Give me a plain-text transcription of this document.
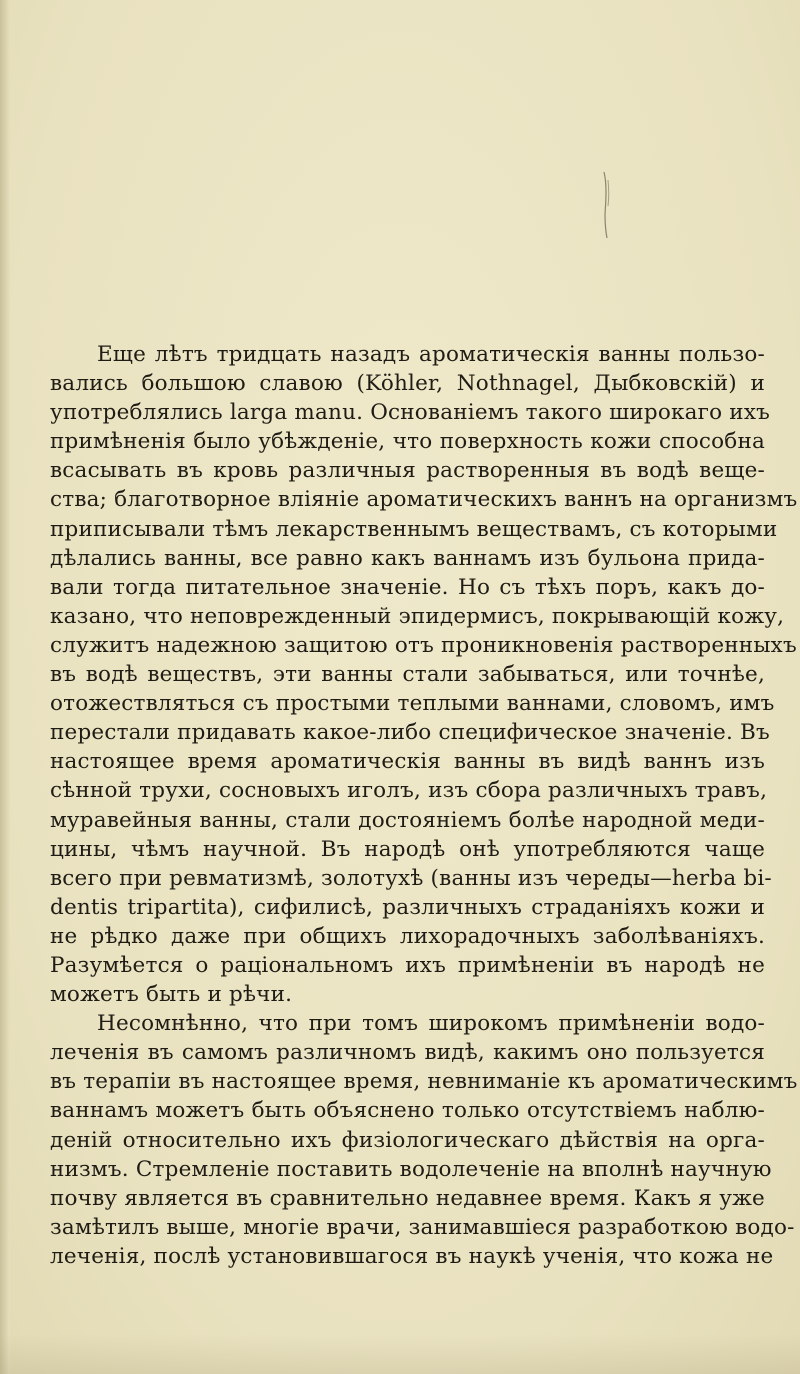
Еще лѣтъ тридцать назадъ ароматическія ванны пользо-
вались большою славою (Köhler, Nothnagel, Дыбковскій) и
употреблялись larga manu. Основаніемъ такого широкаго ихъ
примѣненія было убѣжденіе, что поверхность кожи способна
всасывать въ кровь различныя растворенныя въ водѣ веще-
ства; благотворное вліяніе ароматическихъ ваннъ на организмъ
приписывали тѣмъ лекарственнымъ веществамъ, съ которыми
дѣлались ванны, все равно какъ ваннамъ изъ бульона прида-
вали тогда питательное значеніе. Но съ тѣхъ поръ, какъ до-
казано, что неповрежденный эпидермисъ, покрывающій кожу,
служитъ надежною защитою отъ проникновенія растворенныхъ
въ водѣ веществъ, эти ванны стали забываться, или точнѣе,
отожествляться съ простыми теплыми ваннами, словомъ, имъ
перестали придавать какое-либо специфическое значеніе. Въ
настоящее время ароматическія ванны въ видѣ ваннъ изъ
сѣнной трухи, сосновыхъ иголъ, изъ сбора различныхъ травъ,
муравейныя ванны, стали достояніемъ болѣе народной меди-
цины, чѣмъ научной. Въ народѣ онѣ употребляются чаще
всего при ревматизмѣ, золотухѣ (ванны изъ череды—herba bi-
dentis tripartita), сифилисѣ, различныхъ страданіяхъ кожи и
не рѣдко даже при общихъ лихорадочныхъ заболѣваніяхъ.
Разумѣется о раціональномъ ихъ примѣненіи въ народѣ не
можетъ быть и рѣчи.
Несомнѣнно, что при томъ широкомъ примѣненіи водо-
леченія въ самомъ различномъ видѣ, какимъ оно пользуется
въ терапіи въ настоящее время, невниманіе къ ароматическимъ
ваннамъ можетъ быть объяснено только отсутствіемъ наблю-
деній относительно ихъ физіологическаго дѣйствія на орга-
низмъ. Стремленіе поставить водолеченіе на вполнѣ научную
почву является въ сравнительно недавнее время. Какъ я уже
замѣтилъ выше, многіе врачи, занимавшіеся разработкою водо-
леченія, послѣ установившагося въ наукѣ ученія, что кожа не
